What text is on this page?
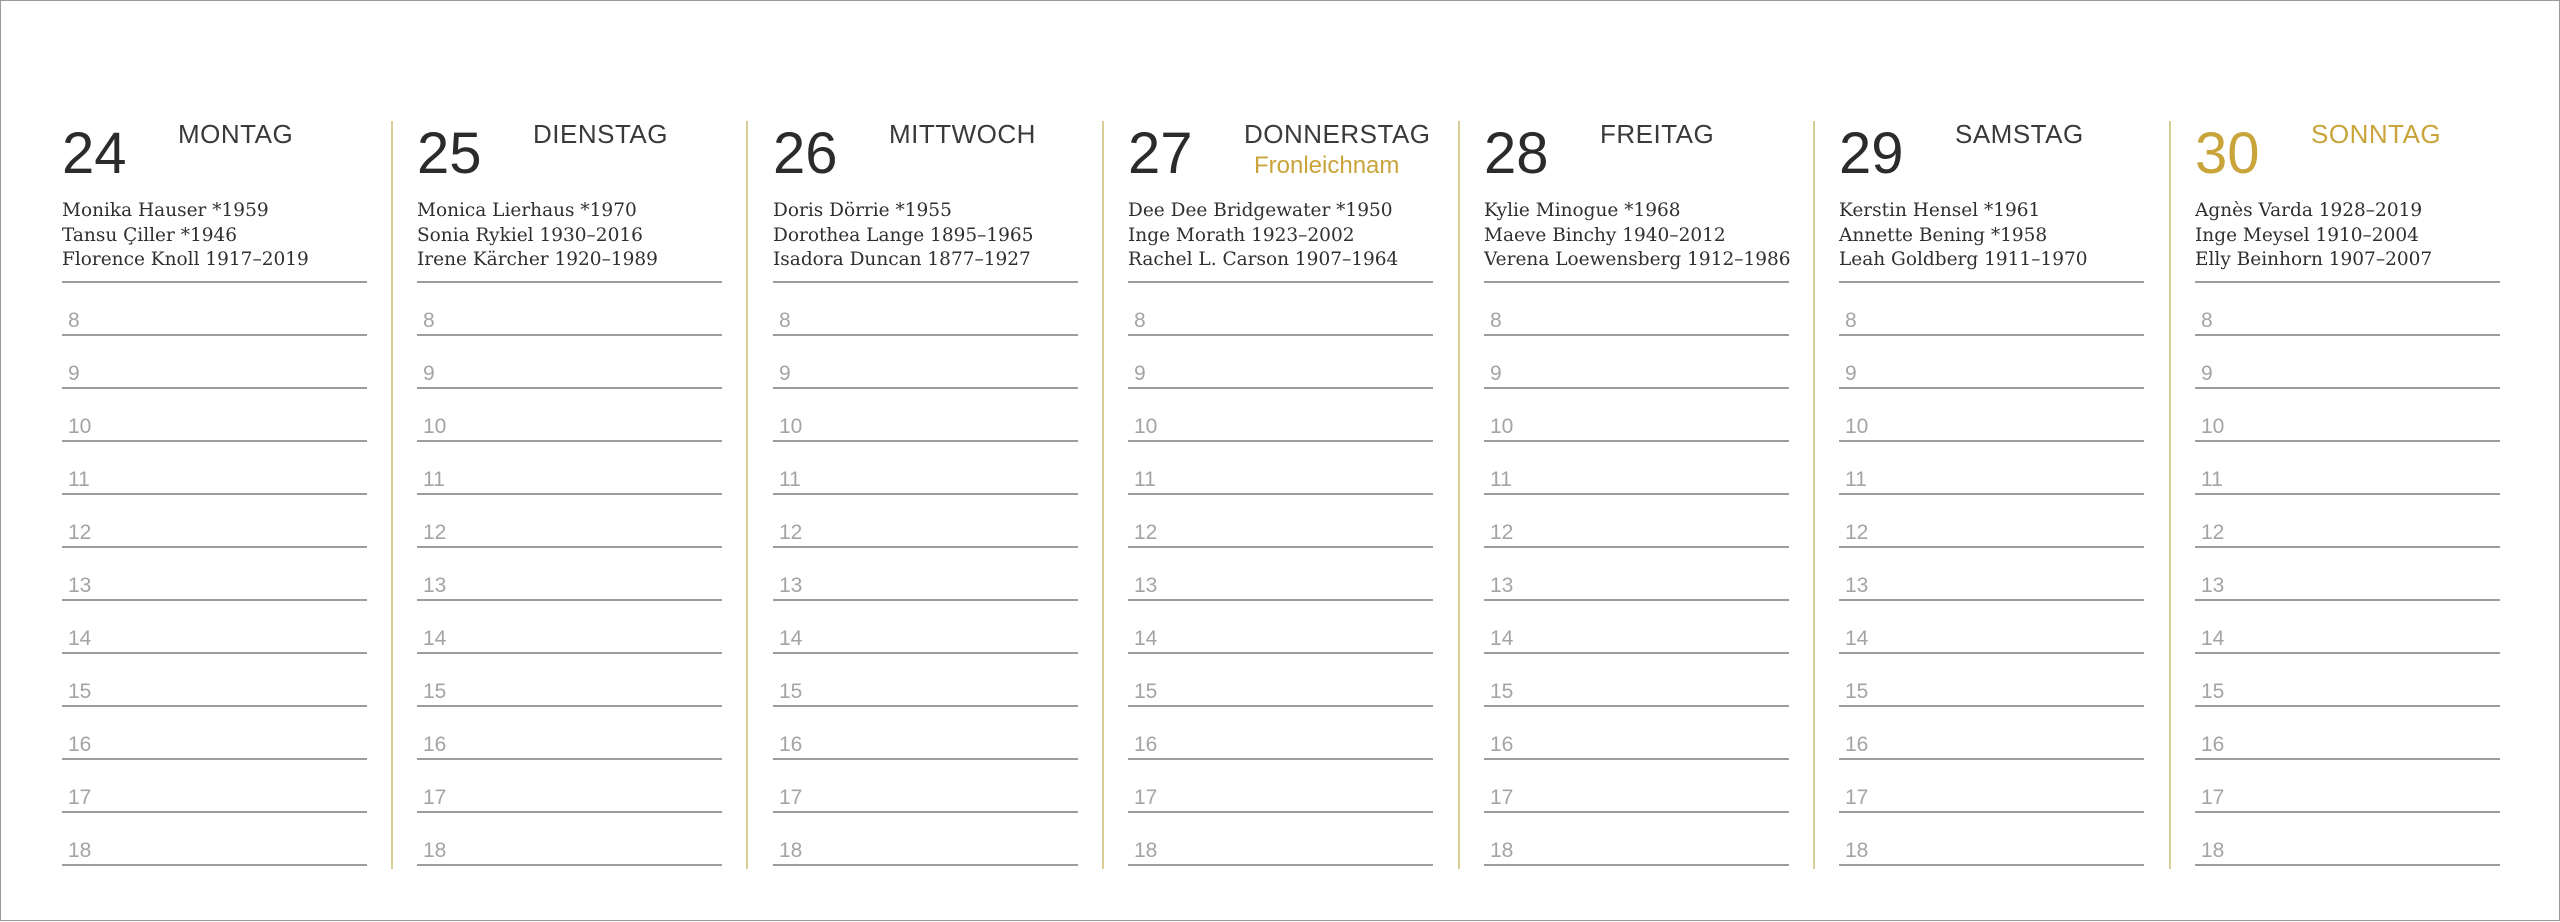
24 MONTAG
Monika Hauser *1959
Tansu Çiller *1946
Florence Knoll 1917–2019
8
9
10
11
12
13
14
15
16
17
18
25 DIENSTAG
Monica Lierhaus *1970
Sonia Rykiel 1930–2016
Irene Kärcher 1920–1989
8
9
10
11
12
13
14
15
16
17
18
26 MITTWOCH
Doris Dörrie *1955
Dorothea Lange 1895–1965
Isadora Duncan 1877–1927
8
9
10
11
12
13
14
15
16
17
18
27 DONNERSTAG
Fronleichnam
Dee Dee Bridgewater *1950
Inge Morath 1923–2002
Rachel L. Carson 1907–1964
8
9
10
11
12
13
14
15
16
17
18
28 FREITAG
Kylie Minogue *1968
Maeve Binchy 1940–2012
Verena Loewensberg 1912–1986
8
9
10
11
12
13
14
15
16
17
18
29 SAMSTAG
Kerstin Hensel *1961
Annette Bening *1958
Leah Goldberg 1911–1970
8
9
10
11
12
13
14
15
16
17
18
30 SONNTAG
Agnès Varda 1928–2019
Inge Meysel 1910–2004
Elly Beinhorn 1907–2007
8
9
10
11
12
13
14
15
16
17
18
